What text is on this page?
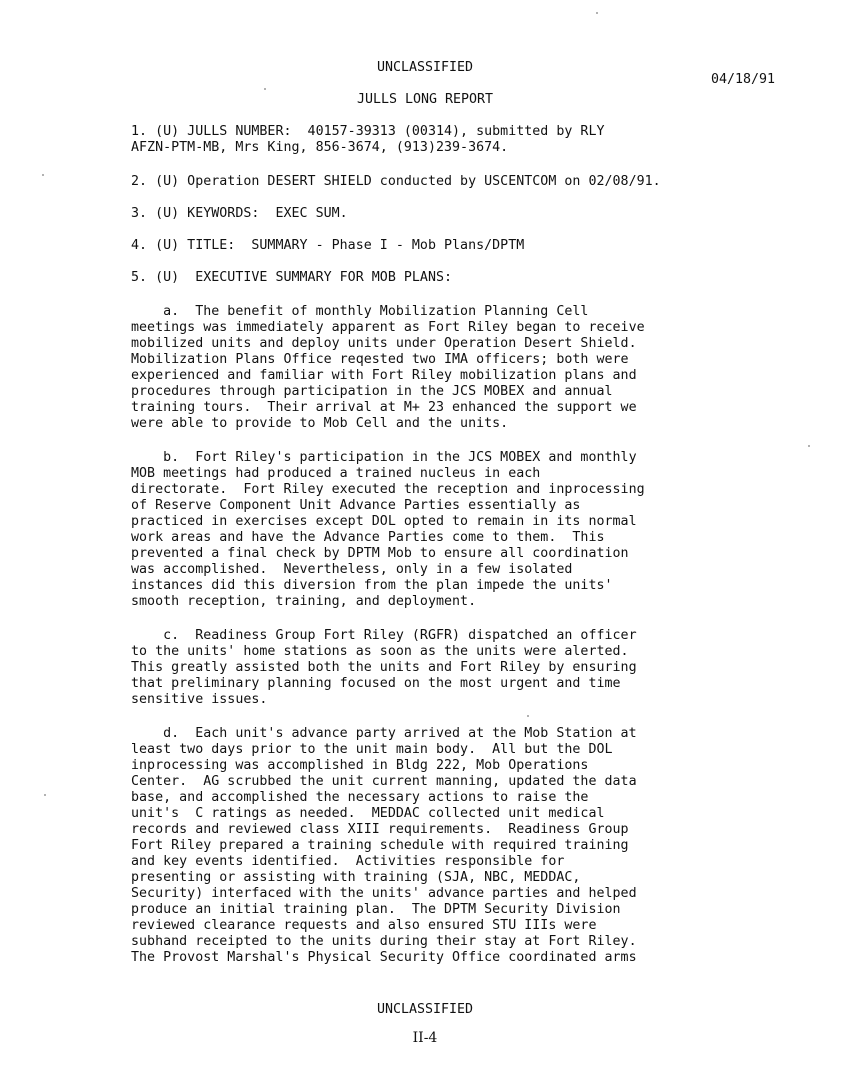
UNCLASSIFIED
04/18/91
JULLS LONG REPORT
1. (U) JULLS NUMBER:  40157-39313 (00314), submitted by RLY
AFZN-PTM-MB, Mrs King, 856-3674, (913)239-3674.
2. (U) Operation DESERT SHIELD conducted by USCENTCOM on 02/08/91.
3. (U) KEYWORDS:  EXEC SUM.
4. (U) TITLE:  SUMMARY - Phase I - Mob Plans/DPTM
5. (U)  EXECUTIVE SUMMARY FOR MOB PLANS:
a.  The benefit of monthly Mobilization Planning Cell
meetings was immediately apparent as Fort Riley began to receive
mobilized units and deploy units under Operation Desert Shield.
Mobilization Plans Office reqested two IMA officers; both were
experienced and familiar with Fort Riley mobilization plans and
procedures through participation in the JCS MOBEX and annual
training tours.  Their arrival at M+ 23 enhanced the support we
were able to provide to Mob Cell and the units.
b.  Fort Riley's participation in the JCS MOBEX and monthly
MOB meetings had produced a trained nucleus in each
directorate.  Fort Riley executed the reception and inprocessing
of Reserve Component Unit Advance Parties essentially as
practiced in exercises except DOL opted to remain in its normal
work areas and have the Advance Parties come to them.  This
prevented a final check by DPTM Mob to ensure all coordination
was accomplished.  Nevertheless, only in a few isolated
instances did this diversion from the plan impede the units'
smooth reception, training, and deployment.
c.  Readiness Group Fort Riley (RGFR) dispatched an officer
to the units' home stations as soon as the units were alerted.
This greatly assisted both the units and Fort Riley by ensuring
that preliminary planning focused on the most urgent and time
sensitive issues.
d.  Each unit's advance party arrived at the Mob Station at
least two days prior to the unit main body.  All but the DOL
inprocessing was accomplished in Bldg 222, Mob Operations
Center.  AG scrubbed the unit current manning, updated the data
base, and accomplished the necessary actions to raise the
unit's  C ratings as needed.  MEDDAC collected unit medical
records and reviewed class XIII requirements.  Readiness Group
Fort Riley prepared a training schedule with required training
and key events identified.  Activities responsible for
presenting or assisting with training (SJA, NBC, MEDDAC,
Security) interfaced with the units' advance parties and helped
produce an initial training plan.  The DPTM Security Division
reviewed clearance requests and also ensured STU IIIs were
subhand receipted to the units during their stay at Fort Riley.
The Provost Marshal's Physical Security Office coordinated arms
UNCLASSIFIED
II-4
